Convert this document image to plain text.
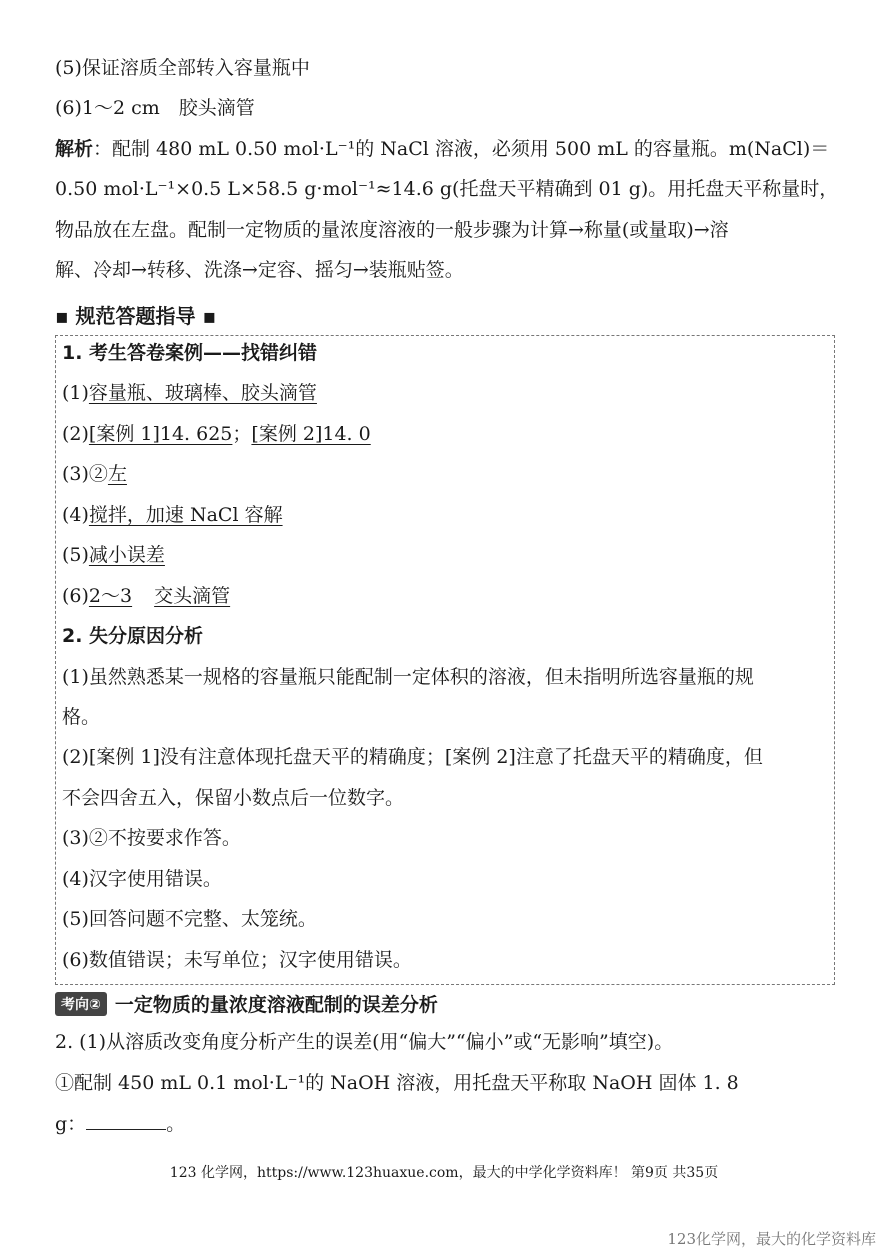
(5)保证溶质全部转入容量瓶中
(6)1～2 cm　胶头滴管
解析：配制 480 mL 0.50 mol·L⁻¹的 NaCl 溶液，必须用 500 mL 的容量瓶。m(NaCl)＝
0.50 mol·L⁻¹×0.5 L×58.5 g·mol⁻¹≈14.6 g(托盘天平精确到 01 g)。用托盘天平称量时，
物品放在左盘。配制一定物质的量浓度溶液的一般步骤为计算→称量(或量取)→溶
解、冷却→转移、洗涤→定容、摇匀→装瓶贴签。
▪ 规范答题指导 ▪
1. 考生答卷案例——找错纠错
(1)容量瓶、玻璃棒、胶头滴管
(2)[案例 1]14. 625；[案例 2]14. 0
(3)②左
(4)搅拌，加速 NaCl 容解
(5)减小误差
(6)2～3 交头滴管
2. 失分原因分析
(1)虽然熟悉某一规格的容量瓶只能配制一定体积的溶液，但未指明所选容量瓶的规
格。
(2)[案例 1]没有注意体现托盘天平的精确度；[案例 2]注意了托盘天平的精确度，但
不会四舍五入，保留小数点后一位数字。
(3)②不按要求作答。
(4)汉字使用错误。
(5)回答问题不完整、太笼统。
(6)数值错误；未写单位；汉字使用错误。
考向② 一定物质的量浓度溶液配制的误差分析
2. (1)从溶质改变角度分析产生的误差(用“偏大”“偏小”或“无影响”填空)。
①配制 450 mL 0.1 mol·L⁻¹的 NaOH 溶液，用托盘天平称取 NaOH 固体 1. 8
g：	。
123 化学网，https://www.123huaxue.com，最大的中学化学资料库！ 第9页 共35页
123化学网，最大的化学资料库
